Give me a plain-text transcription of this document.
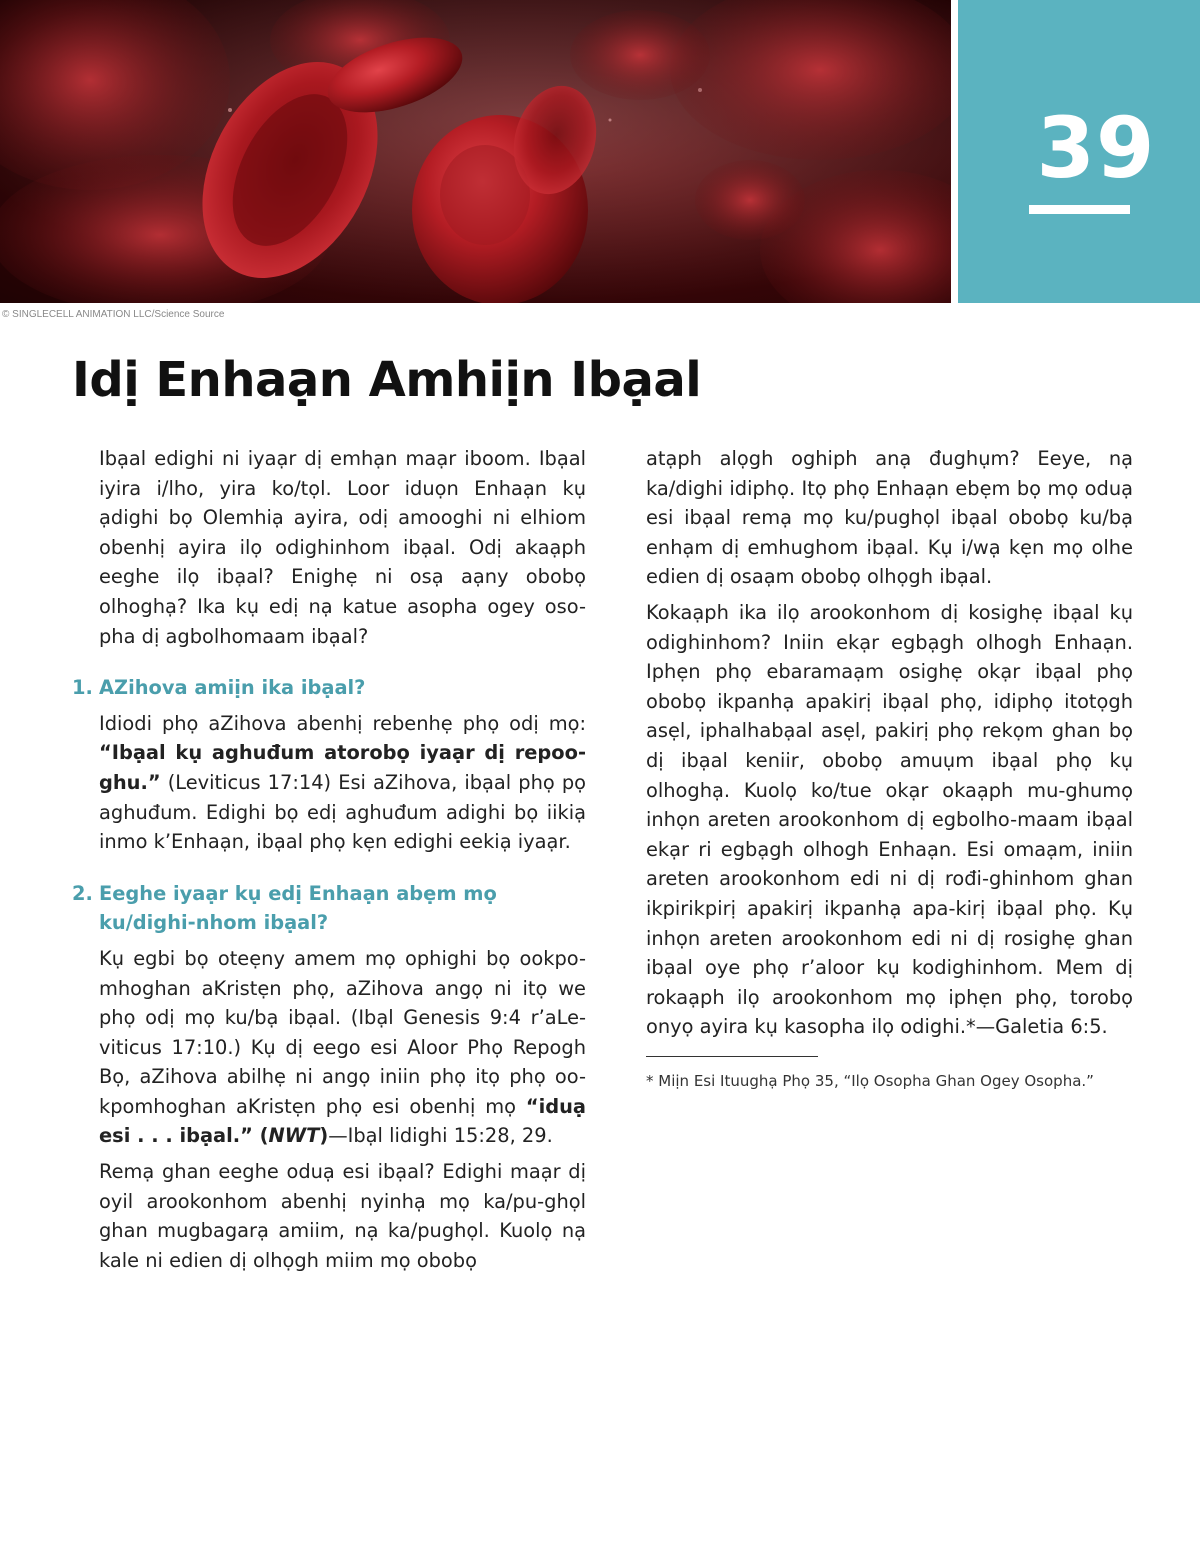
39
© SINGLECELL ANIMATION LLC/Science Source
Idị Enhaạn Amhiịn Ibạal

Ibạal edighi ni iyaạr dị emhạn maạr iboom. Ibạal iyira i/lho, yira ko/tọl. Loor iduọn Enhaạn kụ ạdighi bọ Olemhiạ ayira, odị amooghi ni elhiom obenhị ayira ilọ odighinhom ibạal. Odị akaạph eeghe ilọ ibạal? Enighẹ ni osạ aạny obobọ olhoghạ? Ika kụ edị nạ katue asopha ogey oso-pha dị agbolhomaam ibạal?

1. AZihova amiịn ika ibạal?

Idiodi phọ aZihova abenhị rebenhẹ phọ odị mọ: “Ibạal kụ aghuđum atorobọ iyaạr dị repoo-ghu.” (Leviticus 17:14) Esi aZihova, ibạal phọ pọ aghuđum. Edighi bọ edị aghuđum adighi bọ iikiạ inmo k’Enhaạn, ibạal phọ kẹn edighi eekiạ iyaạr.

2. Eeghe iyaạr kụ edị Enhaạn abẹm mọ ku/dighi-nhom ibạal?

Kụ egbi bọ oteẹny amem mọ ophighi bọ ookpo-mhoghan aKristẹn phọ, aZihova angọ ni itọ we phọ odị mọ ku/bạ ibạal. (Ibạl Genesis 9:4 r’aLe-viticus 17:10.) Kụ dị eego esi Aloor Phọ Repogh Bọ, aZihova abilhẹ ni angọ iniin phọ itọ phọ oo-kpomhoghan aKristẹn phọ esi obenhị mọ “iduạ esi . . . ibạal.” (NWT)—Ibạl lidighi 15:28, 29.

Remạ ghan eeghe oduạ esi ibạal? Edighi maạr dị oyil arookonhom abenhị nyinhạ mọ ka/pu-ghọl ghan mugbagarạ amiim, nạ ka/pughọl. Kuolọ nạ kale ni edien dị olhọgh miim mọ obobọ

atạph alọgh oghiph anạ đughụm? Eeye, nạ ka/dighi idiphọ. Itọ phọ Enhaạn ebẹm bọ mọ oduạ esi ibạal remạ mọ ku/pughọl ibạal obobọ ku/bạ enhạm dị emhughom ibạal. Kụ i/wạ kẹn mọ olhe edien dị osaạm obobọ olhọgh ibạal.

Kokaạph ika ilọ arookonhom dị kosighẹ ibạal kụ odighinhom? Iniin ekạr egbạgh olhogh Enhaạn. Iphẹn phọ ebaramaạm osighẹ okạr ibạal phọ obobọ ikpanhạ apakirị ibạal phọ, idiphọ itotọgh asẹl, iphalhabạal asẹl, pakirị phọ rekọm ghan bọ dị ibạal keniir, obobọ amuụm ibạal phọ kụ olhoghạ. Kuolọ ko/tue okạr okaạph mu-ghumọ inhọn areten arookonhom dị egbolho-maam ibạal ekạr ri egbạgh olhogh Enhaạn. Esi omaạm, iniin areten arookonhom edi ni dị rođi-ghinhom ghan ikpirikpirị apakirị ikpanhạ apa-kirị ibạal phọ. Kụ inhọn areten arookonhom edi ni dị rosighẹ ghan ibạal oye phọ r’aloor kụ kodighinhom. Mem dị rokaạph ilọ arookonhom mọ iphẹn phọ, torobọ onyọ ayira kụ kasopha ilọ odighi.*—Galetia 6:5.

* Miịn Esi Ituughạ Phọ 35, “Ilọ Osopha Ghan Ogey Osopha.”
